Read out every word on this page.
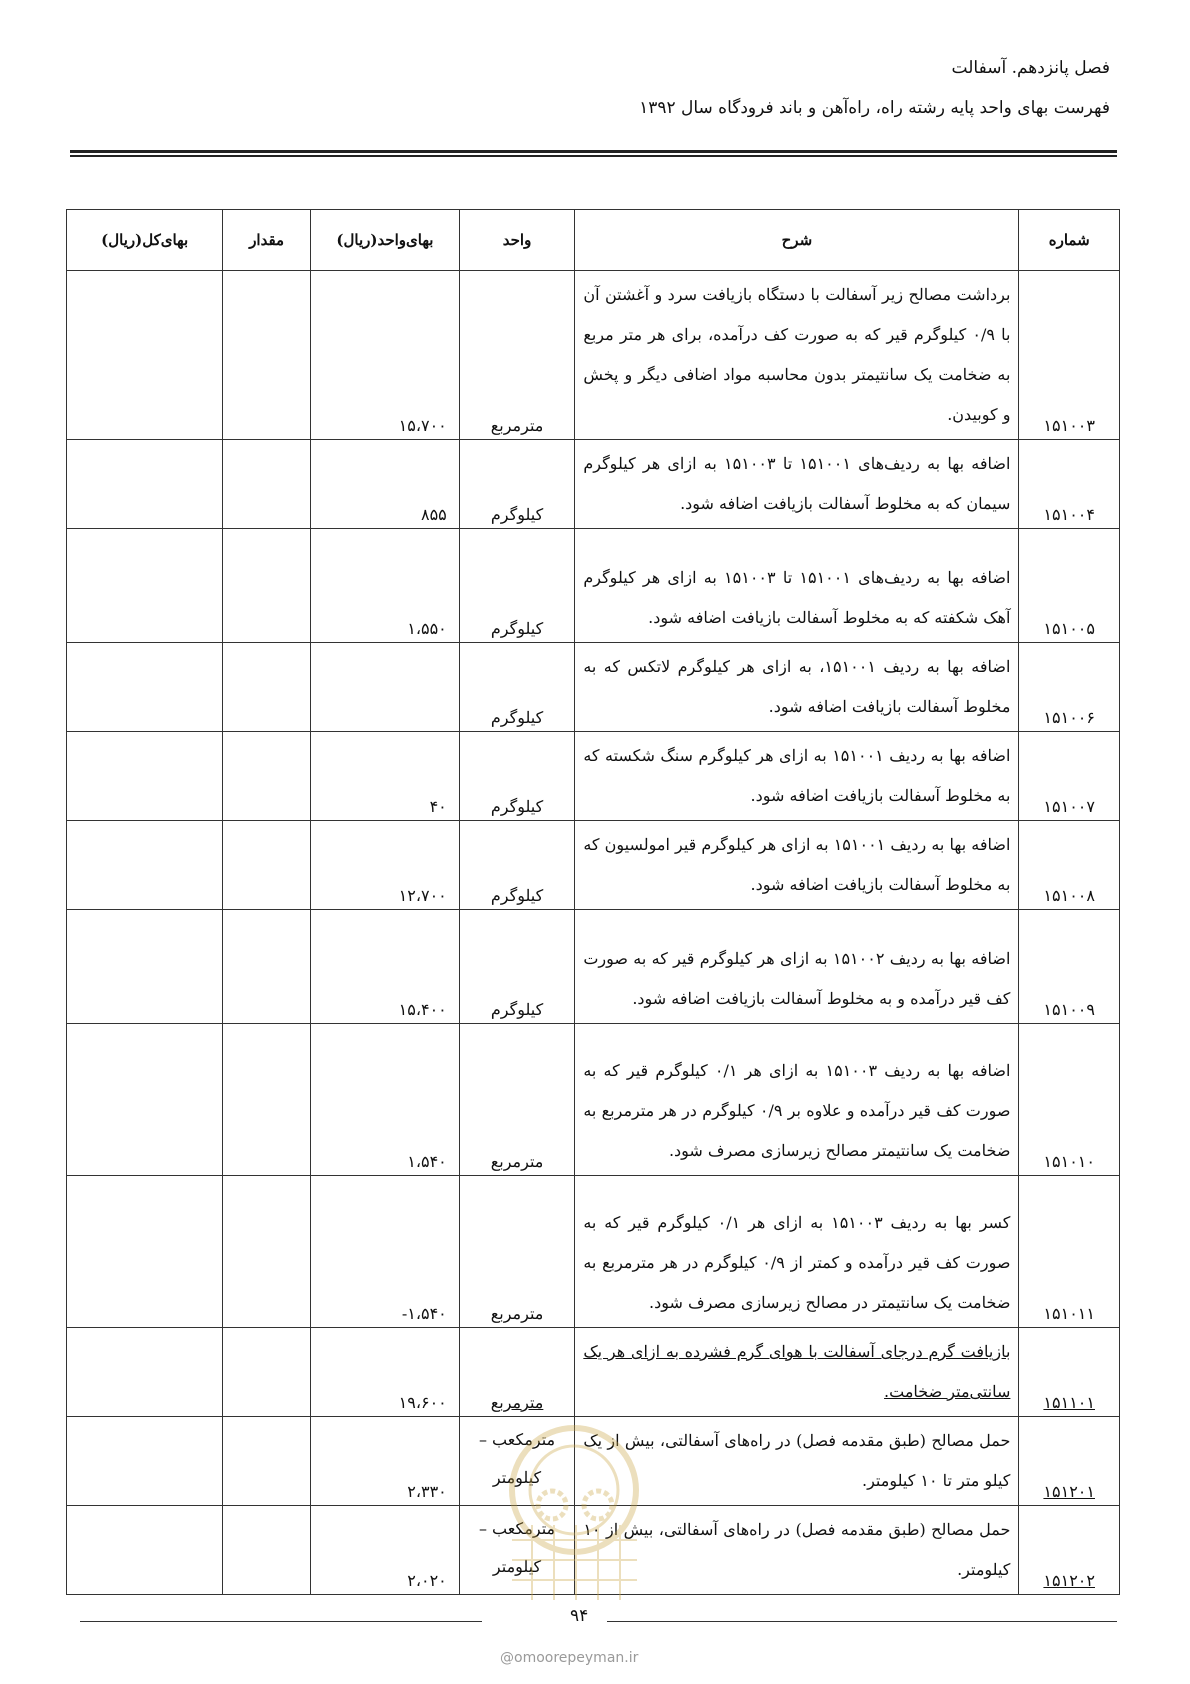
فصل پانزدهم. آسفالت
فهرست بهای واحد پایه رشته راه، راه‌آهن و باند فرودگاه سال ۱۳۹۲
شماره	شرح	واحد	بهای‌واحد(ریال)	مقدار	بهای‌کل(ریال)
۱۵۱۰۰۳	برداشت مصالح زیر آسفالت با دستگاه بازیافت سرد و آغشتن آن با ۰/۹ کیلوگرم قیر که به صورت کف درآمده، برای هر متر مربع به ضخامت یک سانتیمتر بدون محاسبه مواد اضافی دیگر و پخش و کوبیدن.	مترمربع	۱۵،۷۰۰		

۱۵۱۰۰۴	اضافه بها به ردیف‌های ۱۵۱۰۰۱ تا ۱۵۱۰۰۳ به ازای هر کیلوگرم سیمان که به مخلوط آسفالت بازیافت اضافه شود.	کیلوگرم	۸۵۵		

۱۵۱۰۰۵	اضافه بها به ردیف‌های ۱۵۱۰۰۱ تا ۱۵۱۰۰۳ به ازای هر کیلوگرم آهک شکفته که به مخلوط آسفالت بازیافت اضافه شود.	کیلوگرم	۱،۵۵۰		

۱۵۱۰۰۶	اضافه بها به ردیف ۱۵۱۰۰۱، به ازای هر کیلوگرم لاتکس که به مخلوط آسفالت بازیافت اضافه شود.	کیلوگرم	

۱۵۱۰۰۷	اضافه بها به ردیف ۱۵۱۰۰۱ به ازای هر کیلوگرم سنگ شکسته که به مخلوط آسفالت بازیافت اضافه شود.	کیلوگرم	۴۰		

۱۵۱۰۰۸	اضافه بها به ردیف ۱۵۱۰۰۱ به ازای هر کیلوگرم قیر امولسیون که به مخلوط آسفالت بازیافت اضافه شود.	کیلوگرم	۱۲،۷۰۰		

۱۵۱۰۰۹	اضافه بها به ردیف ۱۵۱۰۰۲ به ازای هر کیلوگرم قیر که به صورت کف قیر درآمده و به مخلوط آسفالت بازیافت اضافه شود.	کیلوگرم	۱۵،۴۰۰		

۱۵۱۰۱۰	اضافه بها به ردیف ۱۵۱۰۰۳ به ازای هر ۰/۱ کیلوگرم قیر که به صورت کف قیر درآمده و علاوه بر ۰/۹ کیلوگرم در هر مترمربع به ضخامت یک سانتیمتر مصالح زیرسازی مصرف شود.	مترمربع	۱،۵۴۰		

۱۵۱۰۱۱	کسر بها به ردیف ۱۵۱۰۰۳ به ازای هر ۰/۱ کیلوگرم قیر که به صورت کف قیر درآمده و کمتر از ۰/۹ کیلوگرم در هر مترمربع به ضخامت یک سانتیمتر در مصالح زیرسازی مصرف شود.	مترمربع	-۱،۵۴۰		

۱۵۱۱۰۱	بازیافت گرم درجای آسفالت با هوای گرم فشرده به ازای هر یک سانتی‌متر ضخامت.	مترمربع	۱۹،۶۰۰		

۱۵۱۲۰۱	حمل مصالح (طبق مقدمه فصل) در راه‌های آسفالتی، بیش از یک کیلو متر تا ۱۰ کیلومتر.	مترمکعب – کیلومتر	۲،۳۳۰		

۱۵۱۲۰۲	حمل مصالح (طبق مقدمه فصل) در راه‌های آسفالتی، بیش از ۱۰ کیلومتر.	مترمکعب – کیلومتر	۲،۰۲۰		

۹۴
@omoorepeyman.ir
